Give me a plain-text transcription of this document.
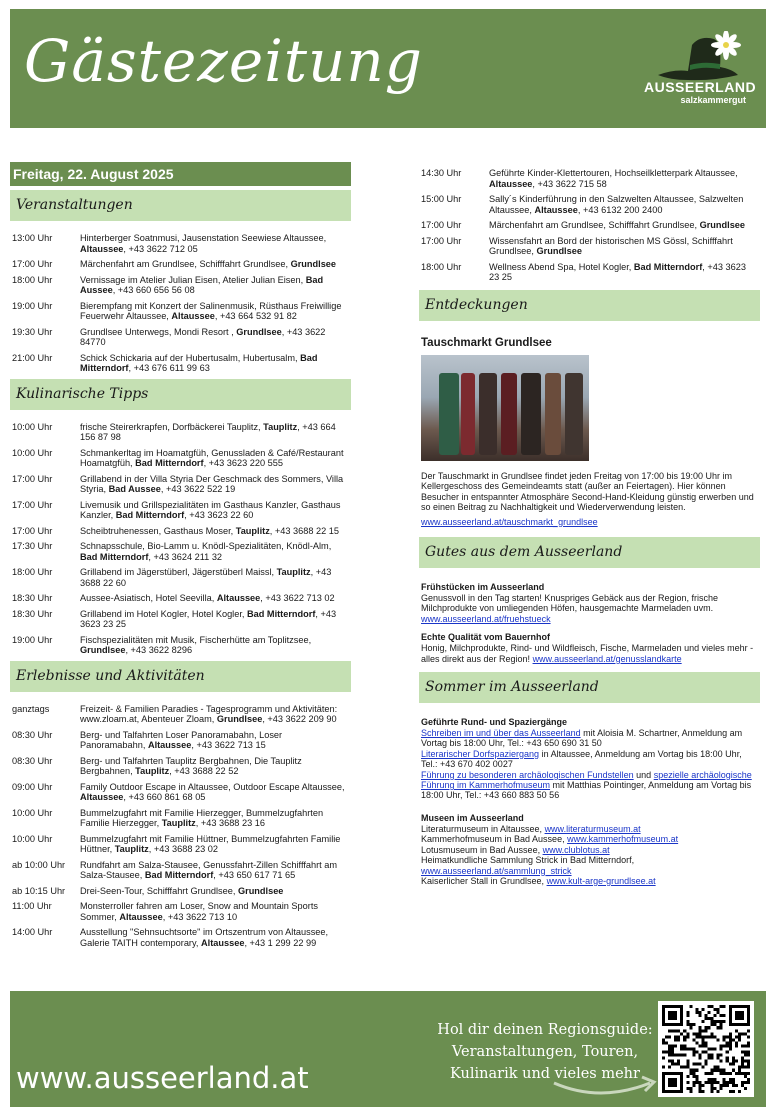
Gästezeitung	AUSSEERLAND
salzkammergut
Freitag, 22. August 2025
Veranstaltungen
13:00 Uhr	Hinterberger Soatnmusi, Jausenstation Seewiese Altaussee, Altaussee, +43 3622 712 05
17:00 Uhr	Märchenfahrt am Grundlsee, Schifffahrt Grundlsee, Grundlsee
18:00 Uhr	Vernissage im Atelier Julian Eisen, Atelier Julian Eisen, Bad Aussee, +43 660 656 56 08
19:00 Uhr	Bierempfang mit Konzert der Salinenmusik, Rüsthaus Freiwillige Feuerwehr Altaussee, Altaussee, +43 664 532 91 82
19:30 Uhr	Grundlsee Unterwegs, Mondi Resort , Grundlsee, +43 3622 84770
21:00 Uhr	Schick Schickaria auf der Hubertusalm, Hubertusalm, Bad Mitterndorf, +43 676 611 99 63
Kulinarische Tipps
10:00 Uhr	frische Steirerkrapfen, Dorfbäckerei Tauplitz, Tauplitz, +43 664 156 87 98
10:00 Uhr	Schmankerltag im Hoamatgfüh, Genussladen & Café/Restaurant Hoamatgfüh, Bad Mitterndorf, +43 3623 220 555
17:00 Uhr	Grillabend in der Villa Styria Der Geschmack des Sommers, Villa Styria, Bad Aussee, +43 3622 522 19
17:00 Uhr	Livemusik und Grillspezialitäten im Gasthaus Kanzler, Gasthaus Kanzler, Bad Mitterndorf, +43 3623 22 60
17:00 Uhr	Scheibtruhenessen, Gasthaus Moser, Tauplitz, +43 3688 22 15
17:30 Uhr	Schnapsschule, Bio-Lamm u. Knödl-Spezialitäten, Knödl-Alm, Bad Mitterndorf, +43 3624 211 32
18:00 Uhr	Grillabend im Jägerstüberl, Jägerstüberl Maissl, Tauplitz, +43 3688 22 60
18:30 Uhr	Aussee-Asiatisch, Hotel Seevilla, Altaussee, +43 3622 713 02
18:30 Uhr	Grillabend im Hotel Kogler, Hotel Kogler, Bad Mitterndorf, +43 3623 23 25
19:00 Uhr	Fischspezialitäten mit Musik, Fischerhütte am Toplitzsee, Grundlsee, +43 3622 8296
Erlebnisse und Aktivitäten
ganztags	Freizeit- & Familien Paradies - Tagesprogramm und Aktivitäten: www.zloam.at, Abenteuer Zloam, Grundlsee, +43 3622 209 90
08:30 Uhr	Berg- und Talfahrten Loser Panoramabahn, Loser Panoramabahn, Altaussee, +43 3622 713 15
08:30 Uhr	Berg- und Talfahrten Tauplitz Bergbahnen, Die Tauplitz Bergbahnen, Tauplitz, +43 3688 22 52
09:00 Uhr	Family Outdoor Escape in Altaussee, Outdoor Escape Altaussee, Altaussee, +43 660 861 68 05
10:00 Uhr	Bummelzugfahrt mit Familie Hierzegger, Bummelzugfahrten Familie Hierzegger, Tauplitz, +43 3688 23 16
10:00 Uhr	Bummelzugfahrt mit Familie Hüttner, Bummelzugfahrten Familie Hüttner, Tauplitz, +43 3688 23 02
ab 10:00 Uhr	Rundfahrt am Salza-Stausee, Genussfahrt-Zillen Schifffahrt am Salza-Stausee, Bad Mitterndorf, +43 650 617 71 65
ab 10:15 Uhr	Drei-Seen-Tour, Schifffahrt Grundlsee, Grundlsee
11:00 Uhr	Monsterroller fahren am Loser, Snow and Mountain Sports Sommer, Altaussee, +43 3622 713 10
14:00 Uhr	Ausstellung "Sehnsuchtsorte" im Ortszentrum von Altaussee, Galerie TAITH contemporary, Altaussee, +43 1 299 22 99
14:30 Uhr	Geführte Kinder-Klettertouren, Hochseilkletterpark Altaussee, Altaussee, +43 3622 715 58
15:00 Uhr	Sally´s Kinderführung in den Salzwelten Altaussee, Salzwelten Altaussee, Altaussee, +43 6132 200 2400
17:00 Uhr	Märchenfahrt am Grundlsee, Schifffahrt Grundlsee, Grundlsee
17:00 Uhr	Wissensfahrt an Bord der historischen MS Gössl, Schifffahrt Grundlsee, Grundlsee
18:00 Uhr	Wellness Abend Spa, Hotel Kogler, Bad Mitterndorf, +43 3623 23 25
Entdeckungen
Tauschmarkt Grundlsee

Der Tauschmarkt in Grundlsee findet jeden Freitag von 17:00 bis 19:00 Uhr im Kellergeschoss des Gemeindeamts statt (außer an Feiertagen). Hier können Besucher in entspannter Atmosphäre Second-Hand-Kleidung günstig erwerben und so einen Beitrag zu Nachhaltigkeit und Wiederverwendung leisten.

www.ausseerland.at/tauschmarkt_grundlsee

Gutes aus dem Ausseerland
Frühstücken im Ausseerland

Genussvoll in den Tag starten! Knuspriges Gebäck aus der Region, frische Milchprodukte von umliegenden Höfen, hausgemachte Marmeladen uvm.
www.ausseerland.at/fruehstueck

Echte Qualität vom Bauernhof

Honig, Milchprodukte, Rind- und Wildfleisch, Fische, Marmeladen und vieles mehr - alles direkt aus der Region! www.ausseerland.at/genusslandkarte

Sommer im Ausseerland
Geführte Rund- und Spaziergänge

Schreiben im und über das Ausseerland mit Aloisia M. Schartner, Anmeldung am Vortag bis 18:00 Uhr, Tel.: +43 650 690 31 50
Literarischer Dorfspaziergang in Altaussee, Anmeldung am Vortag bis 18:00 Uhr, Tel.: +43 670 402 0027
Führung zu besonderen archäologischen Fundstellen und spezielle archäologische Führung im Kammerhofmuseum mit Matthias Pointinger, Anmeldung am Vortag bis 18:00 Uhr, Tel.: +43 660 883 50 56

Museen im Ausseerland

Literaturmuseum in Altaussee, www.literaturmuseum.at
Kammerhofmuseum in Bad Aussee, www.kammerhofmuseum.at
Lotusmuseum in Bad Aussee, www.clublotus.at
Heimatkundliche Sammlung Strick in Bad Mitterndorf,
www.ausseerland.at/sammlung_strick
Kaiserlicher Stall in Grundlsee, www.kult-arge-grundlsee.at

www.ausseerland.at
Hol dir deinen Regionsguide:
Veranstaltungen, Touren,
Kulinarik und vieles mehr
